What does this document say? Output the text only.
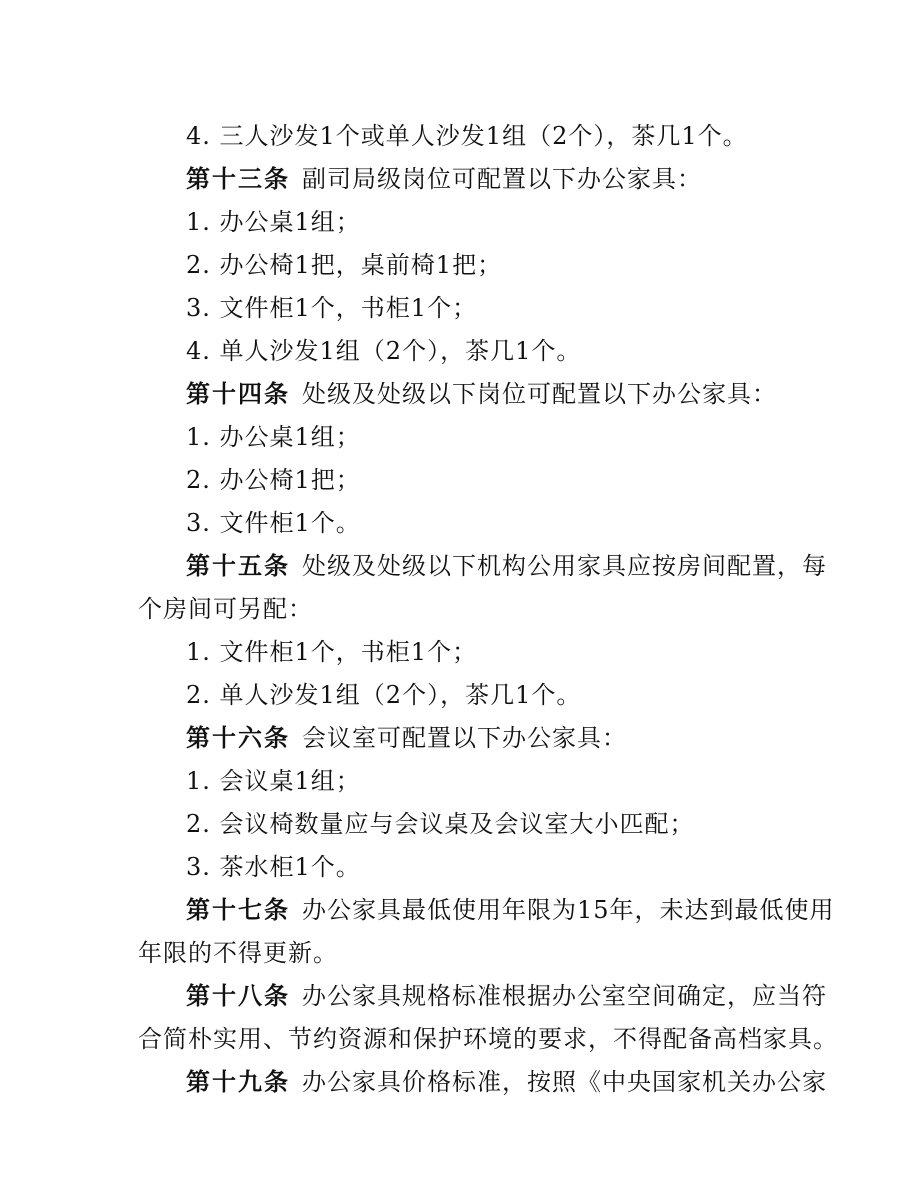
4. 三人沙发1个或单人沙发1组（2个），茶几1个。
第十三条 副司局级岗位可配置以下办公家具：
1. 办公桌1组；
2. 办公椅1把，桌前椅1把；
3. 文件柜1个，书柜1个；
4. 单人沙发1组（2个），茶几1个。
第十四条 处级及处级以下岗位可配置以下办公家具：
1. 办公桌1组；
2. 办公椅1把；
3. 文件柜1个。
第十五条 处级及处级以下机构公用家具应按房间配置，每
个房间可另配：
1. 文件柜1个，书柜1个；
2. 单人沙发1组（2个），茶几1个。
第十六条 会议室可配置以下办公家具：
1. 会议桌1组；
2. 会议椅数量应与会议桌及会议室大小匹配；
3. 茶水柜1个。
第十七条 办公家具最低使用年限为15年，未达到最低使用
年限的不得更新。
第十八条 办公家具规格标准根据办公室空间确定，应当符
合简朴实用、节约资源和保护环境的要求，不得配备高档家具。
第十九条 办公家具价格标准，按照《中央国家机关办公家
